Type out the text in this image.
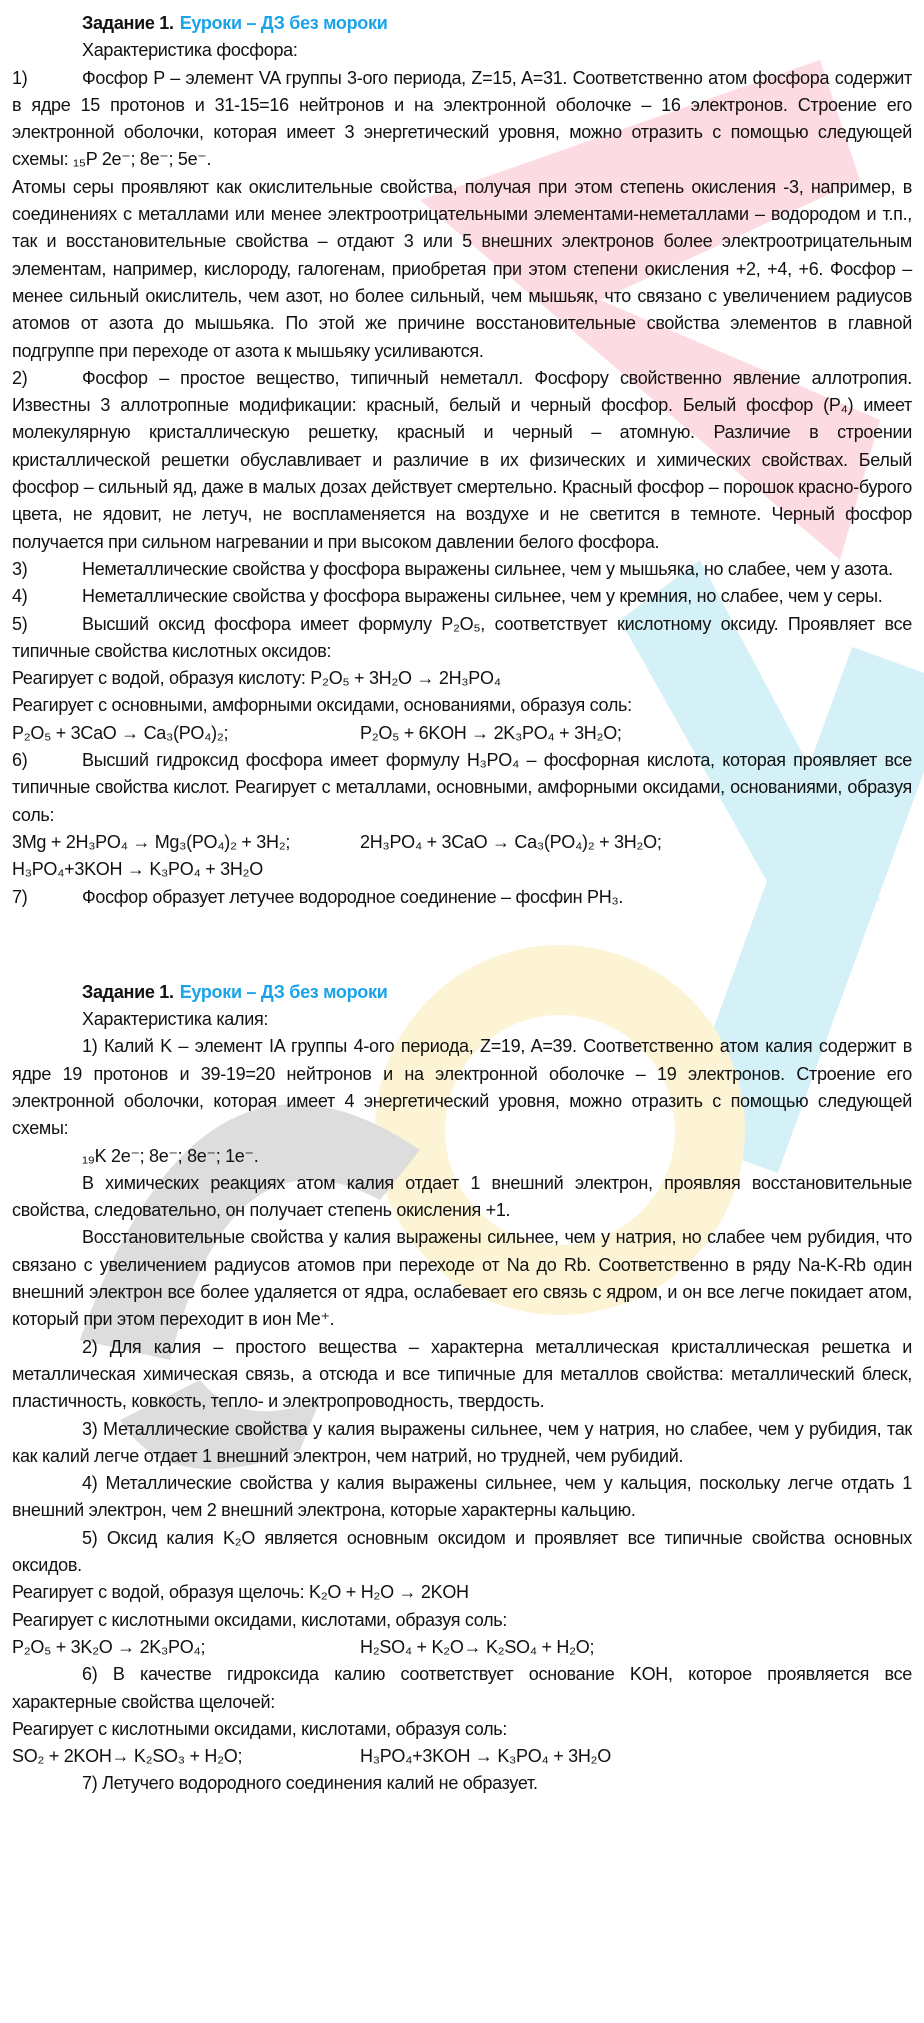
Задание 1. Еуроки – ДЗ без мороки
Характеристика фосфора:

1)	Фосфор P – элемент VA группы 3-ого периода, Z=15, A=31. Соответственно атом фосфора содержит в ядре 15 протонов и 31-15=16 нейтронов и на электронной оболочке – 16 электронов. Строение его электронной оболочки, которая имеет 3 энергетический уровня, можно отразить с помощью следующей схемы: ₁₅P 2e⁻; 8e⁻; 5e⁻.

Атомы серы проявляют как окислительные свойства, получая при этом степень окисления -3, например, в соединениях с металлами или менее электроотрицательными элементами-неметаллами – водородом и т.п., так и восстановительные свойства – отдают 3 или 5 внешних электронов более электроотрицательным элементам, например, кислороду, галогенам, приобретая при этом степени окисления +2, +4, +6. Фосфор – менее сильный окислитель, чем азот, но более сильный, чем мышьяк, что связано с увеличением радиусов атомов от азота до мышьяка. По этой же причине восстановительные свойства элементов в главной подгруппе при переходе от азота к мышьяку усиливаются.

2)	Фосфор – простое вещество, типичный неметалл. Фосфору свойственно явление аллотропия. Известны 3 аллотропные модификации: красный, белый и черный фосфор. Белый фосфор (P₄) имеет молекулярную кристаллическую решетку, красный и черный – атомную. Различие в строении кристаллической решетки обуславливает и различие в их физических и химических свойствах. Белый фосфор – сильный яд, даже в малых дозах действует смертельно. Красный фосфор – порошок красно-бурого цвета, не ядовит, не летуч, не воспламеняется на воздухе и не светится в темноте. Черный фосфор получается при сильном нагревании и при высоком давлении белого фосфора.

3)	Неметаллические свойства у фосфора выражены сильнее, чем у мышьяка, но слабее, чем у азота.

4)	Неметаллические свойства у фосфора выражены сильнее, чем у кремния, но слабее, чем у серы.

5)	Высший оксид фосфора имеет формулу P₂O₅, соответствует кислотному оксиду. Проявляет все типичные свойства кислотных оксидов:

Реагирует с водой, образуя кислоту: P₂O₅ + 3H₂O → 2H₃PO₄
Реагирует с основными, амфорными оксидами, основаниями, образуя соль:
P₂O₅ + 3CaO → Ca₃(PO₄)₂;	P₂O₅ + 6KOH → 2K₃PO₄ + 3H₂O;

6)	Высший гидроксид фосфора имеет формулу H₃PO₄ – фосфорная кислота, которая проявляет все типичные свойства кислот. Реагирует с металлами, основными, амфорными оксидами, основаниями, образуя соль:

3Mg + 2H₃PO₄ → Mg₃(PO₄)₂ + 3H₂;	2H₃PO₄ + 3CaO → Ca₃(PO₄)₂ + 3H₂O;
H₃PO₄+3KOH → K₃PO₄ + 3H₂O

7)	Фосфор образует летучее водородное соединение – фосфин PH₃.

Задание 1. Еуроки – ДЗ без мороки
Характеристика калия:

1) Калий K – элемент IA группы 4-ого периода, Z=19, A=39. Соответственно атом калия содержит в ядре 19 протонов и 39-19=20 нейтронов и на электронной оболочке – 19 электронов. Строение его электронной оболочки, которая имеет 4 энергетический уровня, можно отразить с помощью следующей схемы:

₁₉K 2e⁻; 8e⁻; 8e⁻; 1e⁻.

В химических реакциях атом калия отдает 1 внешний электрон, проявляя восстановительные свойства, следовательно, он получает степень окисления +1.

Восстановительные свойства у калия выражены сильнее, чем у натрия, но слабее чем рубидия, что связано с увеличением радиусов атомов при переходе от Na до Rb. Соответственно в ряду Na-K-Rb один внешний электрон все более удаляется от ядра, ослабевает его связь с ядром, и он все легче покидает атом, который при этом переходит в ион Me⁺.

2) Для калия – простого вещества – характерна металлическая кристаллическая решетка и металлическая химическая связь, а отсюда и все типичные для металлов свойства: металлический блеск, пластичность, ковкость, тепло- и электропроводность, твердость.

3) Металлические свойства у калия выражены сильнее, чем у натрия, но слабее, чем у рубидия, так как калий легче отдает 1 внешний электрон, чем натрий, но трудней, чем рубидий.

4) Металлические свойства у калия выражены сильнее, чем у кальция, поскольку легче отдать 1 внешний электрон, чем 2 внешний электрона, которые характерны кальцию.

5) Оксид калия K₂O является основным оксидом и проявляет все типичные свойства основных оксидов.

Реагирует с водой, образуя щелочь: K₂O + H₂O → 2KOH
Реагирует с кислотными оксидами, кислотами, образуя соль:
P₂O₅ + 3K₂O → 2K₃PO₄;	H₂SO₄ + K₂O→ K₂SO₄ + H₂O;

6) В качестве гидроксида калию соответствует основание KOH, которое проявляется все характерные свойства щелочей:

Реагирует с кислотными оксидами, кислотами, образуя соль:
SO₂ + 2KOH→ K₂SO₃ + H₂O;	H₃PO₄+3KOH → K₃PO₄ + 3H₂O

7) Летучего водородного соединения калий не образует.
